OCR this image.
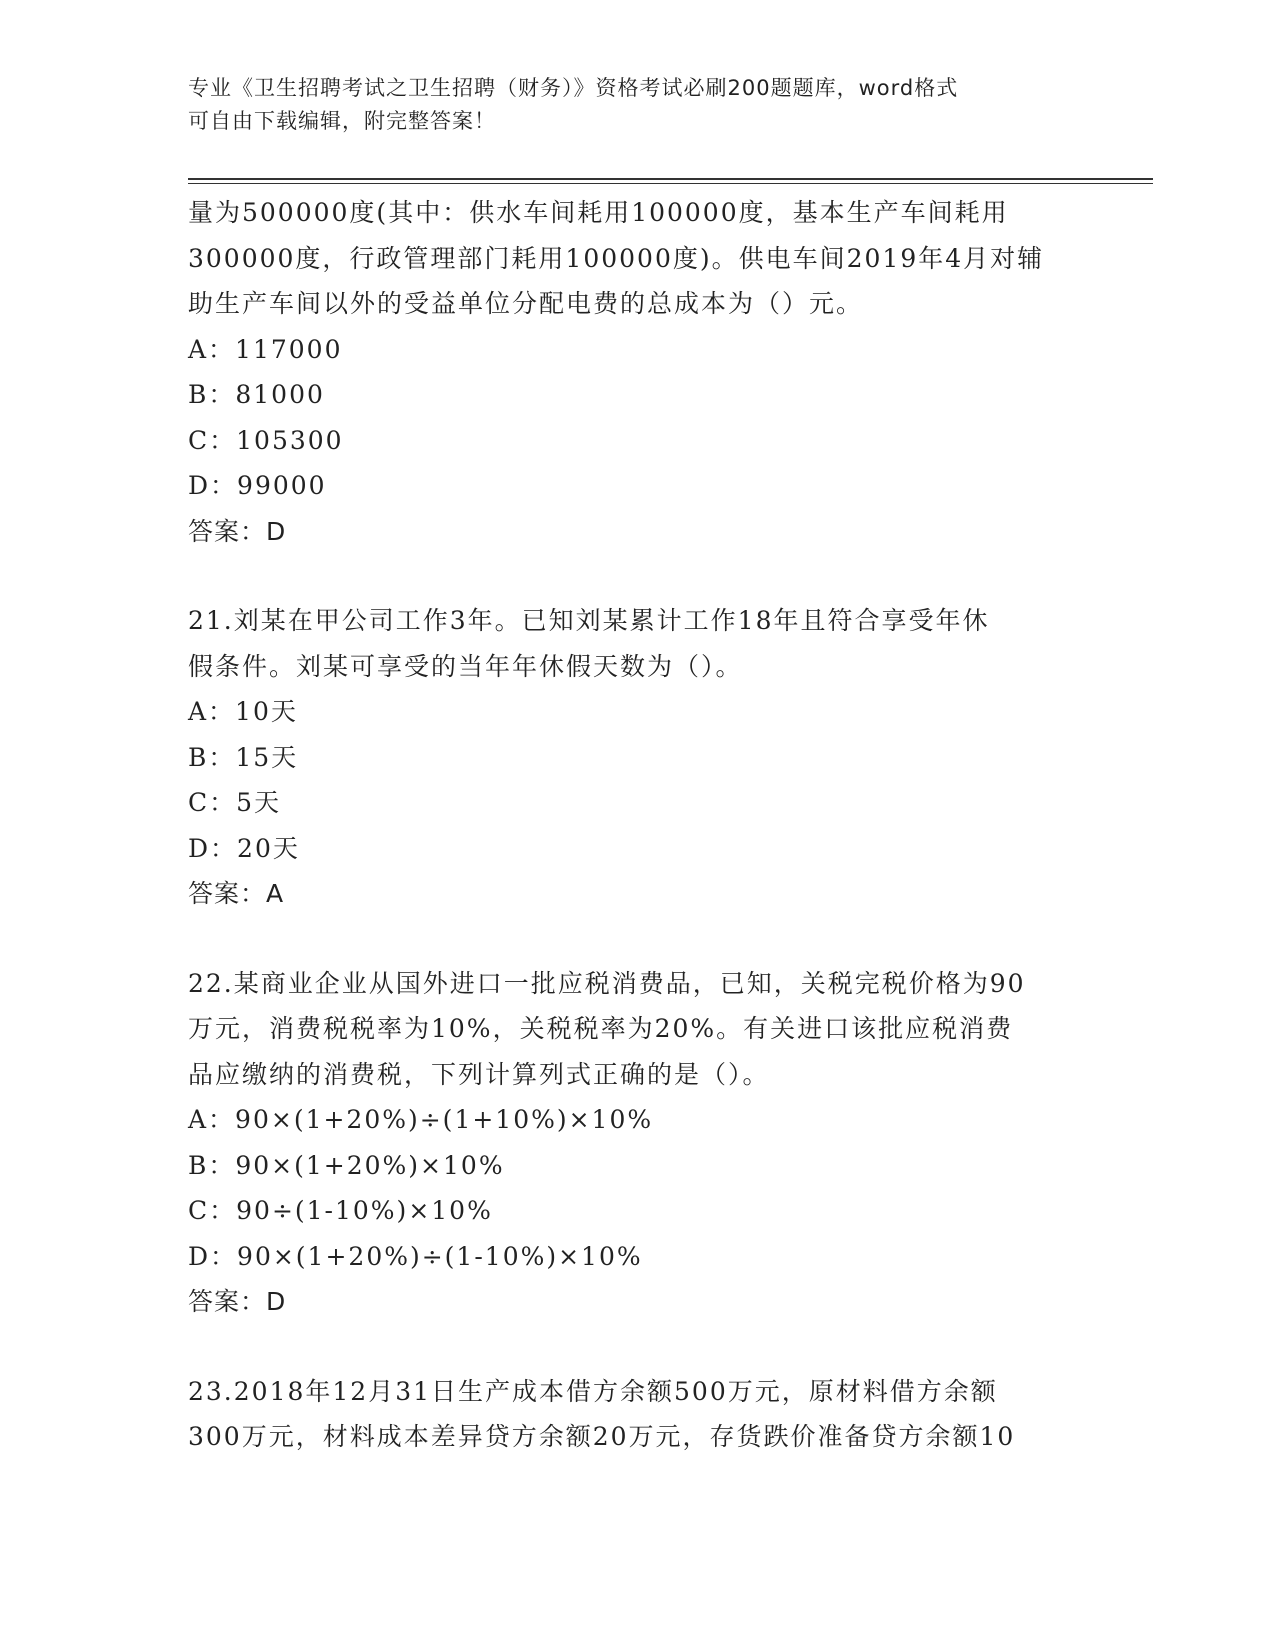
专业《卫生招聘考试之卫生招聘（财务）》资格考试必刷200题题库，word格式
可自由下载编辑，附完整答案！
量为500000度(其中：供水车间耗用100000度，基本生产车间耗用
300000度，行政管理部门耗用100000度)。供电车间2019年4月对辅
助生产车间以外的受益单位分配电费的总成本为（）元。
A：117000
B：81000
C：105300
D：99000
答案：D
21.刘某在甲公司工作3年。已知刘某累计工作18年且符合享受年休
假条件。刘某可享受的当年年休假天数为（）。
A：10天
B：15天
C：5天
D：20天
答案：A
22.某商业企业从国外进口一批应税消费品，已知，关税完税价格为90
万元，消费税税率为10%，关税税率为20%。有关进口该批应税消费
品应缴纳的消费税，下列计算列式正确的是（）。
A：90×(1+20%)÷(1+10%)×10%
B：90×(1+20%)×10%
C：90÷(1-10%)×10%
D：90×(1+20%)÷(1-10%)×10%
答案：D
23.2018年12月31日生产成本借方余额500万元，原材料借方余额
300万元，材料成本差异贷方余额20万元，存货跌价准备贷方余额10
